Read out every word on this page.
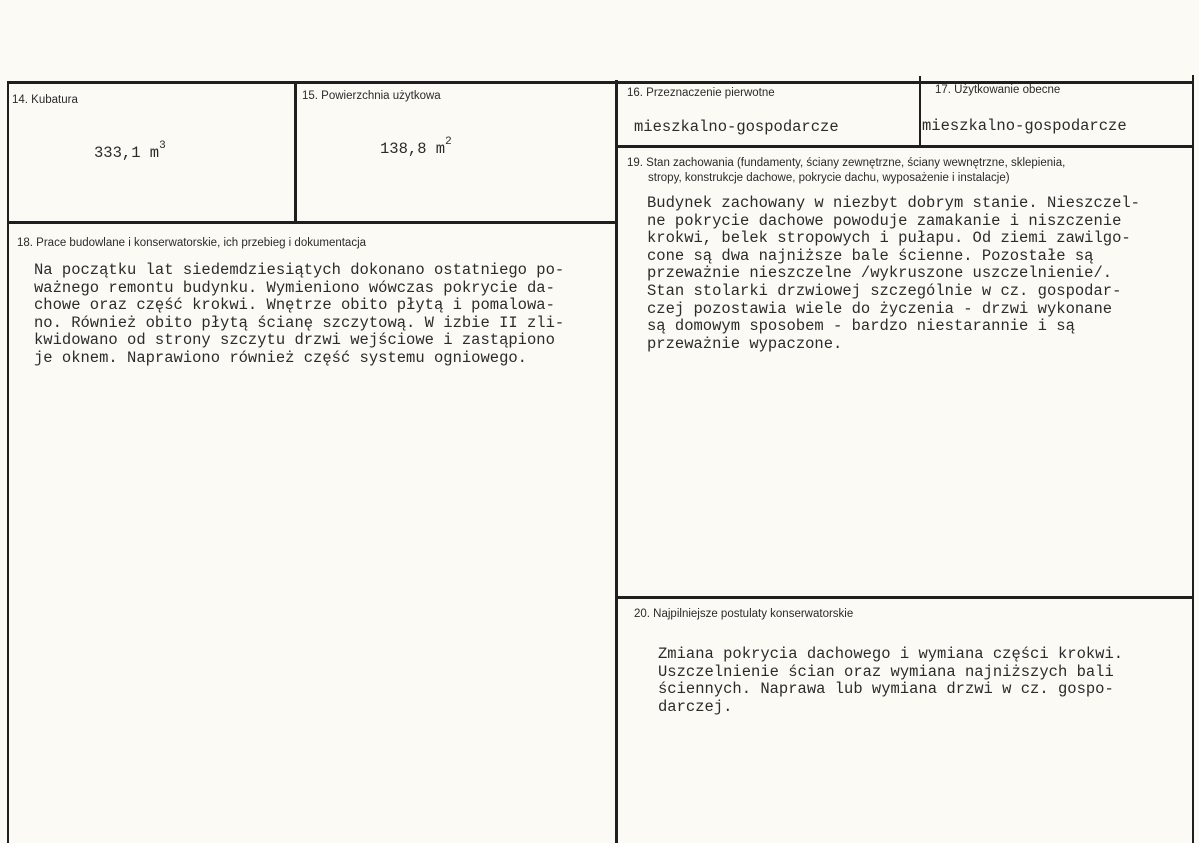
14. Kubatura
333,1 $m^3$
15. Powierzchnia użytkowa
138,8 $m^2$
16. Przeznaczenie pierwotne
mieszkalno-gospodarcze
17. Użytkowanie obecne
mieszkalno-gospodarcze
18. Prace budowlane i konserwatorskie, ich przebieg i dokumentacja
Na początku lat siedemdziesiątych dokonano ostatniego po-
ważnego remontu budynku. Wymieniono wówczas pokrycie da-
chowe oraz część krokwi. Wnętrze obito płytą i pomalowa-
no. Również obito płytą ścianę szczytową. W izbie II zli-
kwidowano od strony szczytu drzwi wejściowe i zastąpiono
je oknem. Naprawiono również część systemu ogniowego.
19. Stan zachowania (fundamenty, ściany zewnętrzne, ściany wewnętrzne, sklepienia,
stropy, konstrukcje dachowe, pokrycie dachu, wyposażenie i instalacje)
Budynek zachowany w niezbyt dobrym stanie. Nieszczel-
ne pokrycie dachowe powoduje zamakanie i niszczenie
krokwi, belek stropowych i pułapu. Od ziemi zawilgo-
cone są dwa najniższe bale ścienne. Pozostałe są
przeważnie nieszczelne /wykruszone uszczelnienie/.
Stan stolarki drzwiowej szczególnie w cz. gospodar-
czej pozostawia wiele do życzenia - drzwi wykonane
są domowym sposobem - bardzo niestarannie i są
przeważnie wypaczone.
20. Najpilniejsze postulaty konserwatorskie
Zmiana pokrycia dachowego i wymiana części krokwi.
Uszczelnienie ścian oraz wymiana najniższych bali
ściennych. Naprawa lub wymiana drzwi w cz. gospo-
darczej.
